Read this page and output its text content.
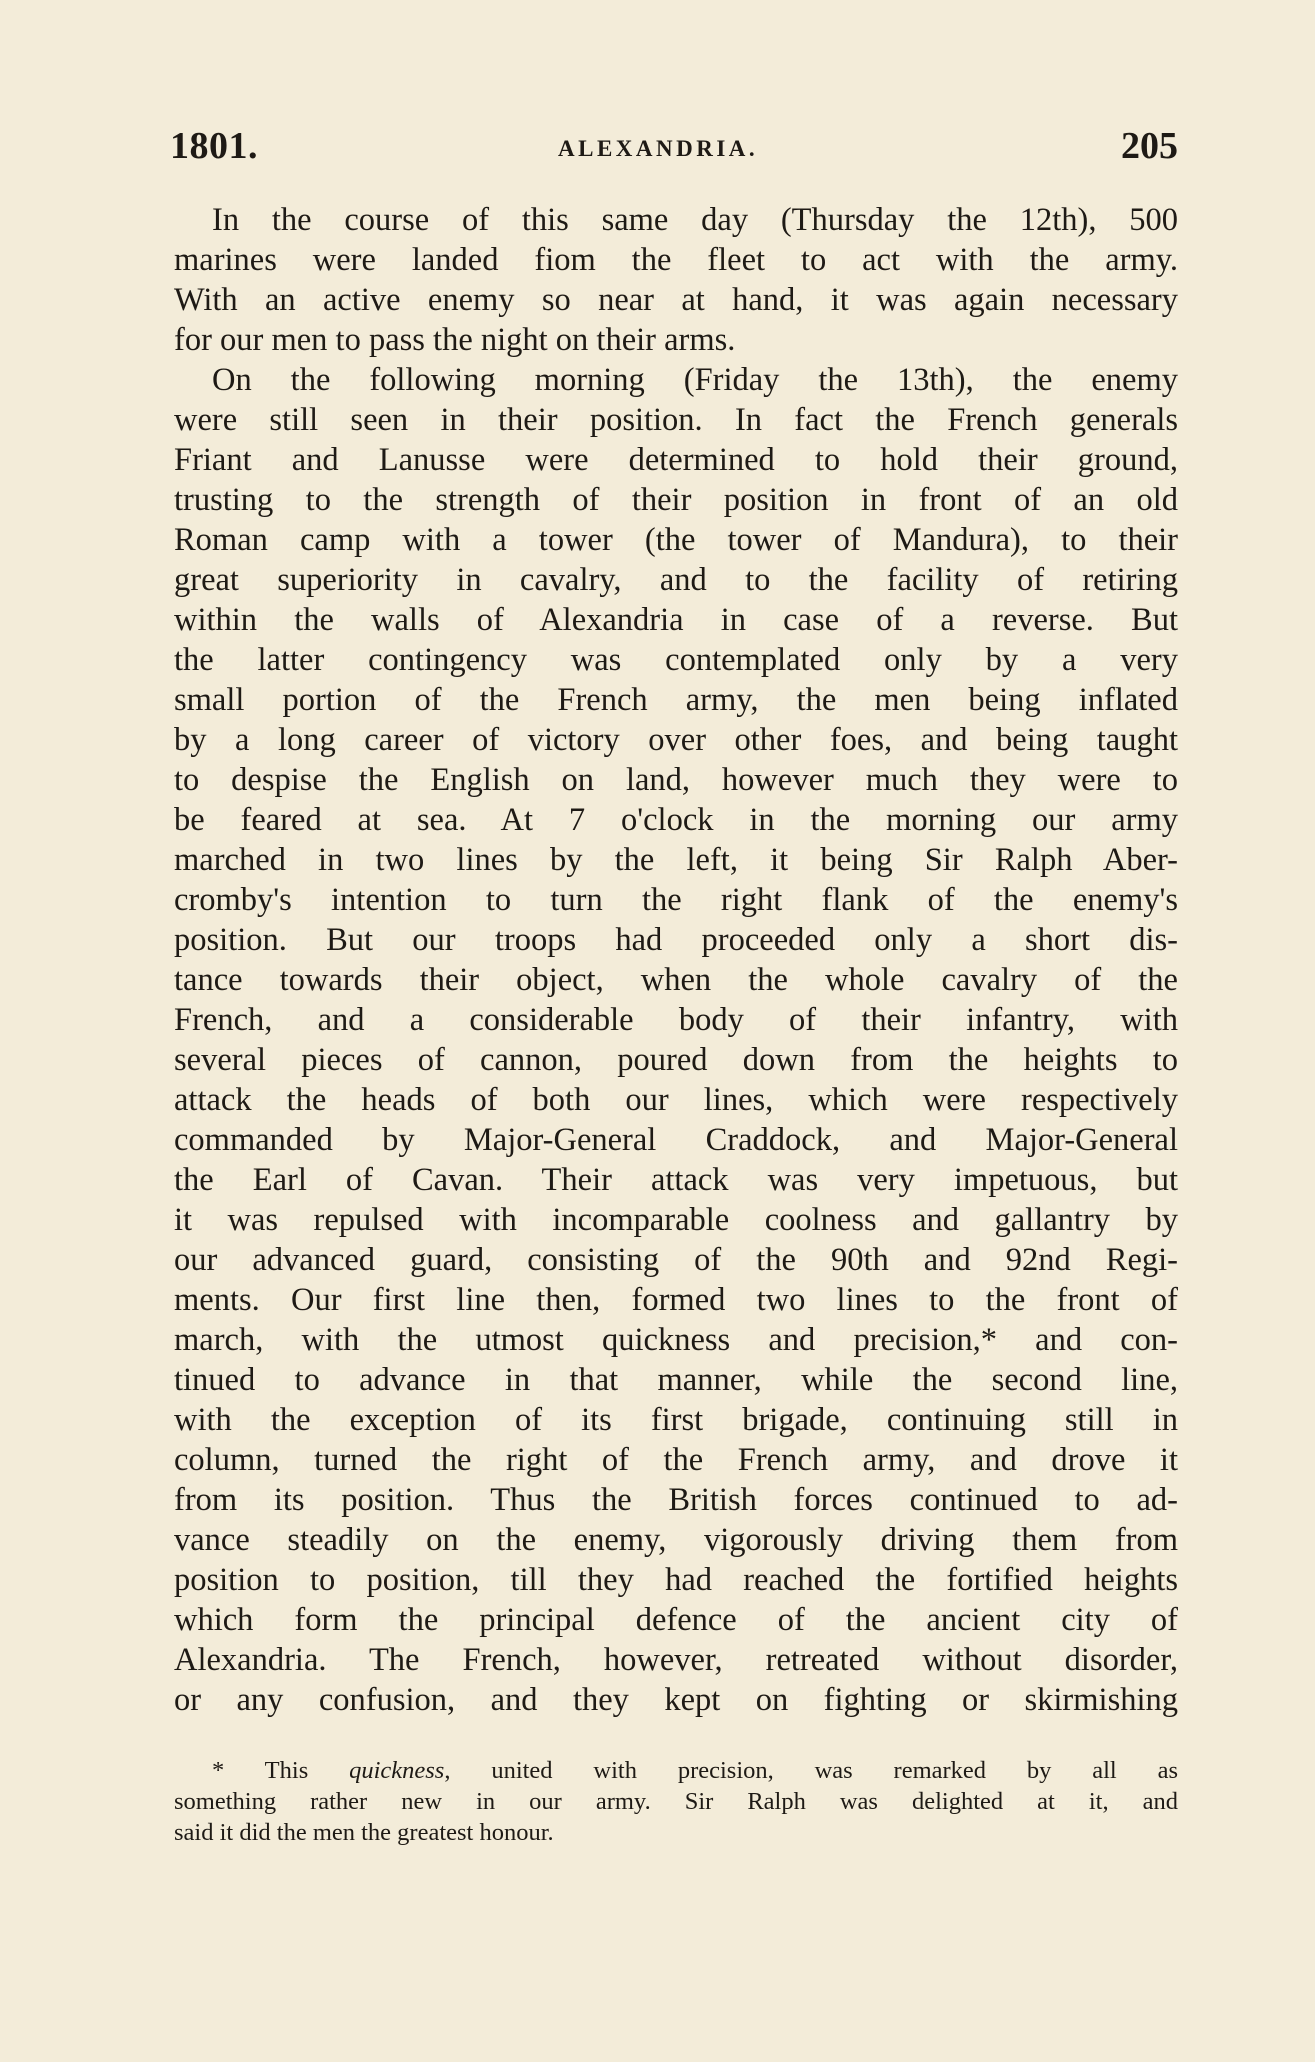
1801.	ALEXANDRIA.	205
In the course of this same day (Thursday the 12th), 500
marines were landed fiom the fleet to act with the army.
With an active enemy so near at hand, it was again necessary
for our men to pass the night on their arms.
On the following morning (Friday the 13th), the enemy
were still seen in their position. In fact the French generals
Friant and Lanusse were determined to hold their ground,
trusting to the strength of their position in front of an old
Roman camp with a tower (the tower of Mandura), to their
great superiority in cavalry, and to the facility of retiring
within the walls of Alexandria in case of a reverse. But
the latter contingency was contemplated only by a very
small portion of the French army, the men being inflated
by a long career of victory over other foes, and being taught
to despise the English on land, however much they were to
be feared at sea. At 7 o'clock in the morning our army
marched in two lines by the left, it being Sir Ralph Aber-
cromby's intention to turn the right flank of the enemy's
position. But our troops had proceeded only a short dis-
tance towards their object, when the whole cavalry of the
French, and a considerable body of their infantry, with
several pieces of cannon, poured down from the heights to
attack the heads of both our lines, which were respectively
commanded by Major-General Craddock, and Major-General
the Earl of Cavan. Their attack was very impetuous, but
it was repulsed with incomparable coolness and gallantry by
our advanced guard, consisting of the 90th and 92nd Regi-
ments. Our first line then, formed two lines to the front of
march, with the utmost quickness and precision,* and con-
tinued to advance in that manner, while the second line,
with the exception of its first brigade, continuing still in
column, turned the right of the French army, and drove it
from its position. Thus the British forces continued to ad-
vance steadily on the enemy, vigorously driving them from
position to position, till they had reached the fortified heights
which form the principal defence of the ancient city of
Alexandria. The French, however, retreated without disorder,
or any confusion, and they kept on fighting or skirmishing
* This quickness, united with precision, was remarked by all as
something rather new in our army. Sir Ralph was delighted at it, and
said it did the men the greatest honour.
